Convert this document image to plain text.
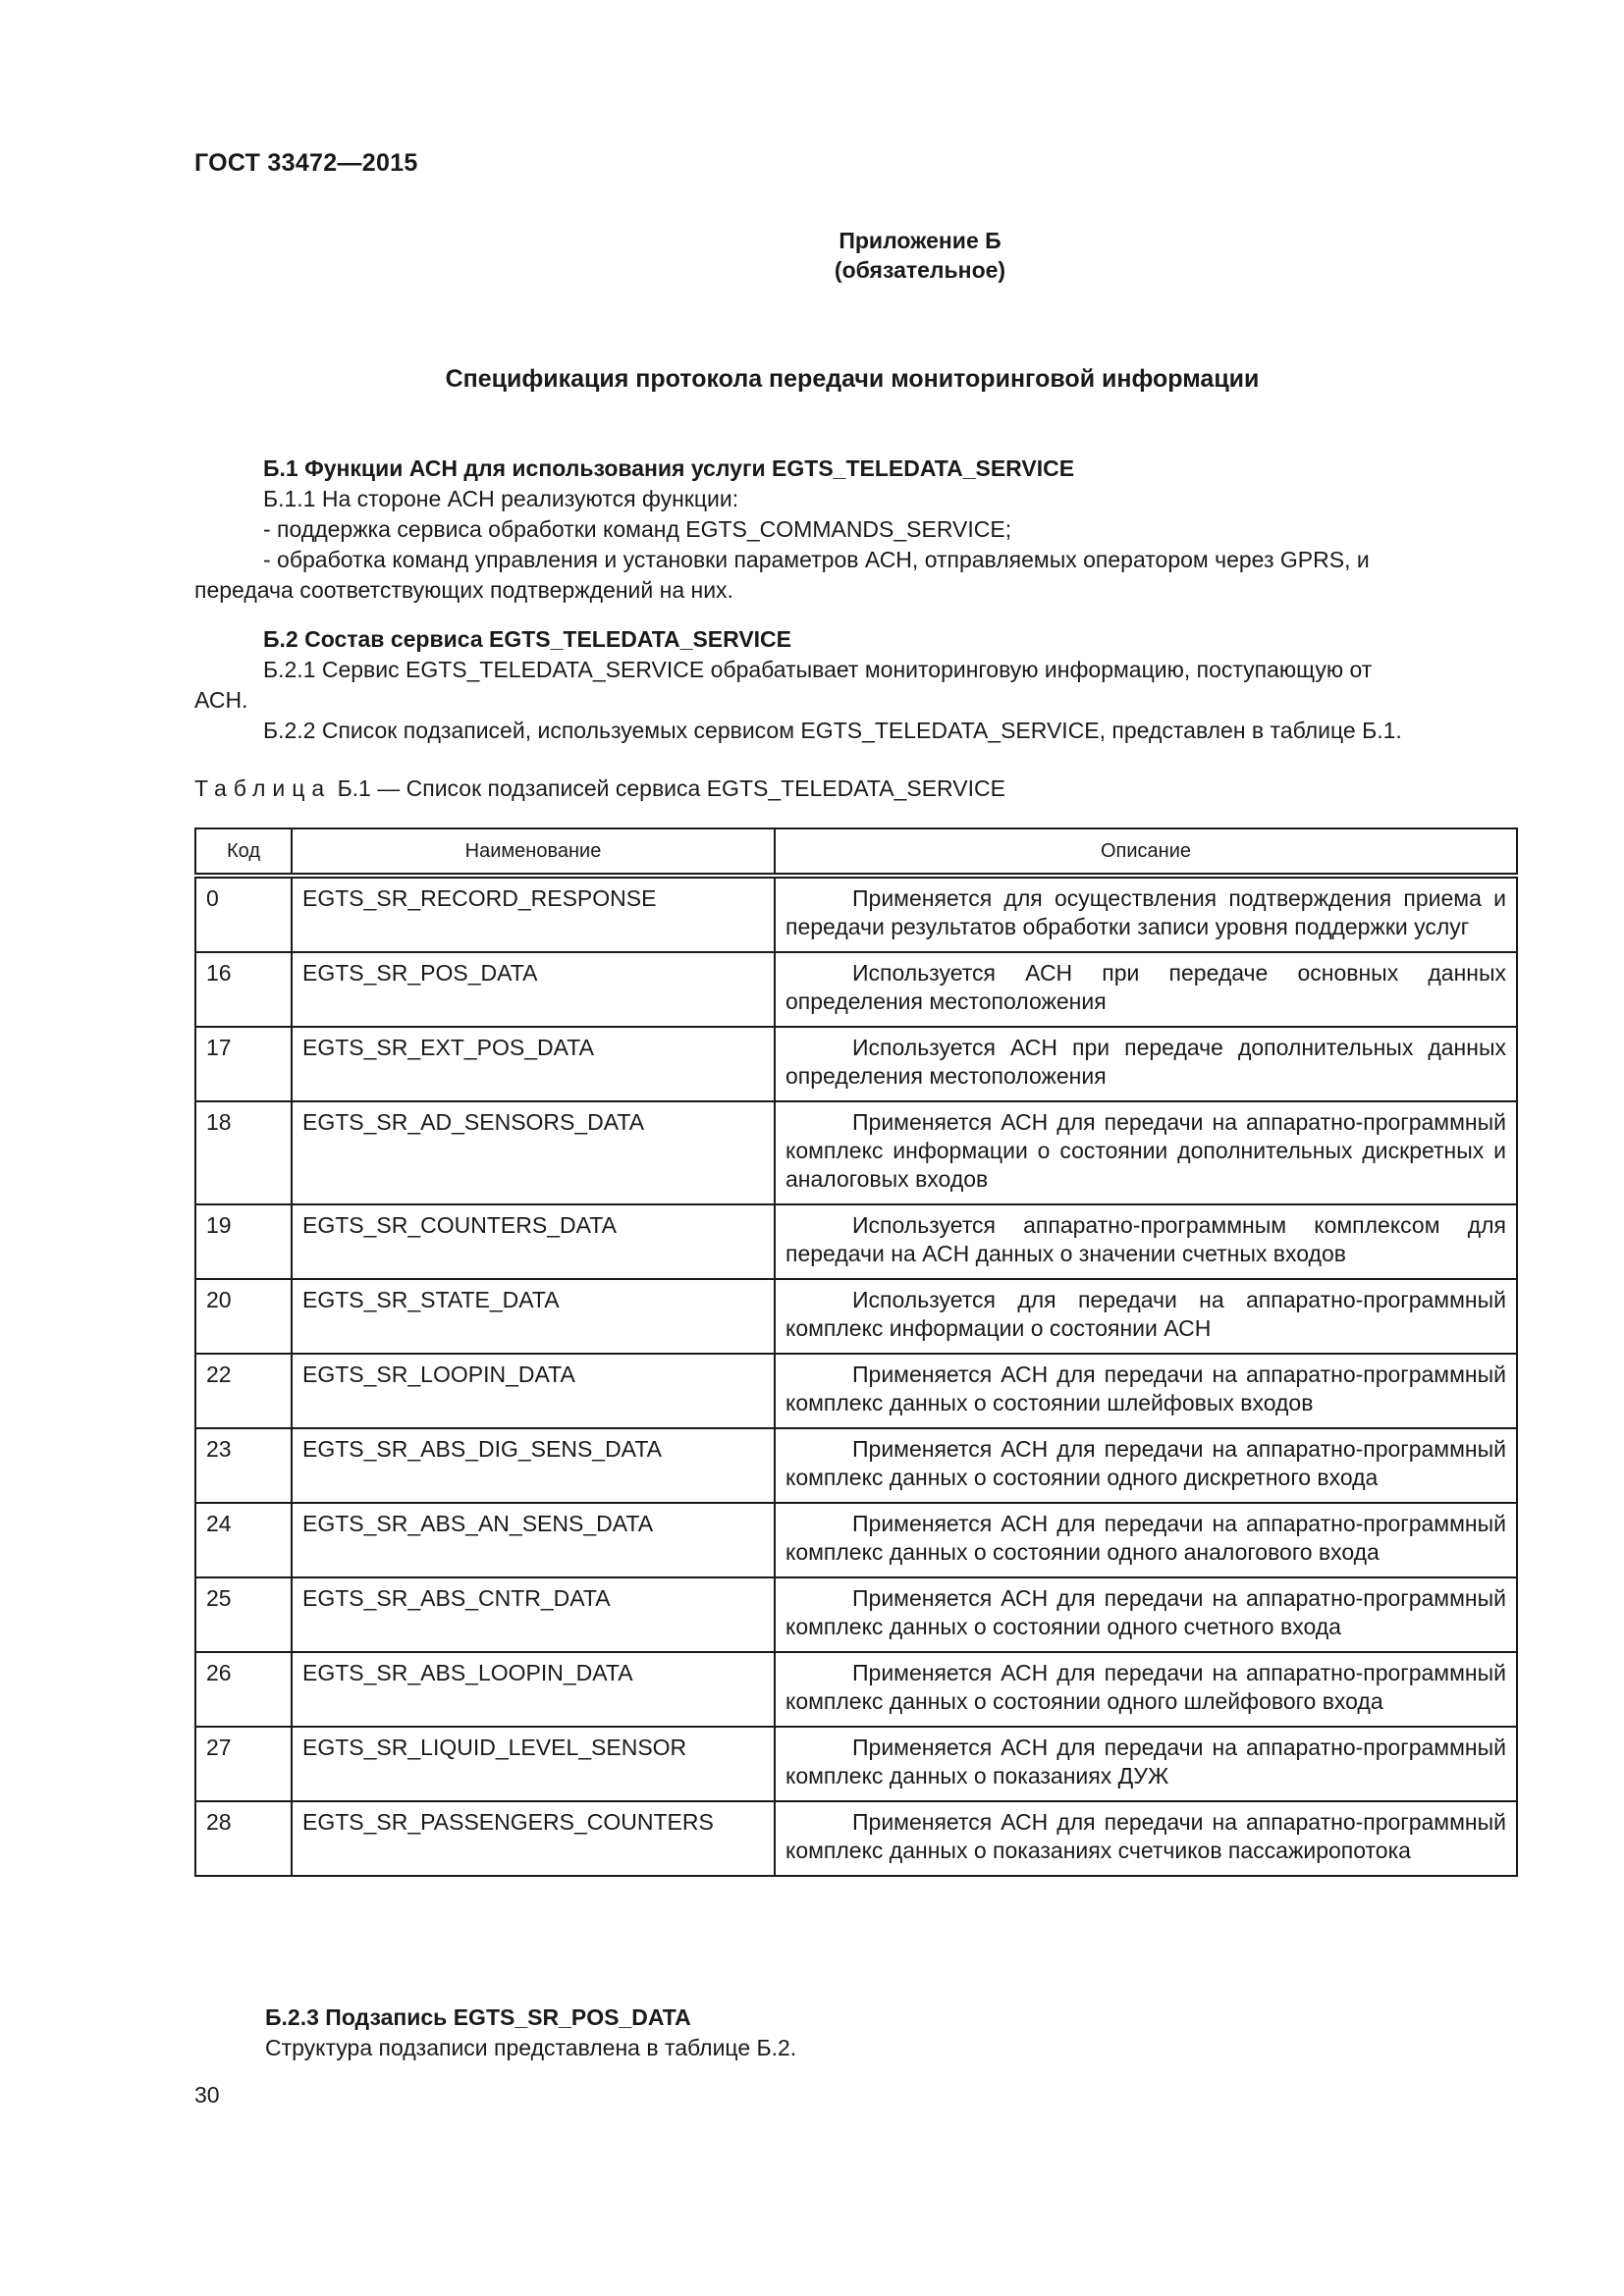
ГОСТ 33472—2015
Приложение Б
(обязательное)
Спецификация протокола передачи мониторинговой информации

Б.1 Функции АСН для использования услуги EGTS_TELEDATA_SERVICE

Б.1.1 На стороне АСН реализуются функции:

- поддержка сервиса обработки команд EGTS_COMMANDS_SERVICE;

- обработка команд управления и установки параметров АСН, отправляемых оператором через GPRS, и

передача соответствующих подтверждений на них.

Б.2 Состав сервиса EGTS_TELEDATA_SERVICE

Б.2.1 Сервис EGTS_TELEDATA_SERVICE обрабатывает мониторинговую информацию, поступающую от

АСН.

Б.2.2 Список подзаписей, используемых сервисом EGTS_TELEDATA_SERVICE, представлен в таблице Б.1.

Таблица Б.1 — Список подзаписей сервиса EGTS_TELEDATA_SERVICE
Код	Наименование	Описание
0	EGTS_SR_RECORD_RESPONSE	Применяется для осуществления подтверждения приема и передачи результатов обработки записи уровня поддержки услуг

16	EGTS_SR_POS_DATA	Используется АСН при передаче основных данных определения местоположения

17	EGTS_SR_EXT_POS_DATA	Используется АСН при передаче дополнительных данных определения местоположения

18	EGTS_SR_AD_SENSORS_DATA	Применяется АСН для передачи на аппаратно-программный комплекс информации о состоянии дополнительных дискретных и аналоговых входов

19	EGTS_SR_COUNTERS_DATA	Используется аппаратно-программным комплексом для передачи на АСН данных о значении счетных входов

20	EGTS_SR_STATE_DATA	Используется для передачи на аппаратно-программный комплекс информации о состоянии АСН

22	EGTS_SR_LOOPIN_DATA	Применяется АСН для передачи на аппаратно-программный комплекс данных о состоянии шлейфовых входов

23	EGTS_SR_ABS_DIG_SENS_DATA	Применяется АСН для передачи на аппаратно-программный комплекс данных о состоянии одного дискретного входа

24	EGTS_SR_ABS_AN_SENS_DATA	Применяется АСН для передачи на аппаратно-программный комплекс данных о состоянии одного аналогового входа

25	EGTS_SR_ABS_CNTR_DATA	Применяется АСН для передачи на аппаратно-программный комплекс данных о состоянии одного счетного входа

26	EGTS_SR_ABS_LOOPIN_DATA	Применяется АСН для передачи на аппаратно-программный комплекс данных о состоянии одного шлейфового входа

27	EGTS_SR_LIQUID_LEVEL_SENSOR	Применяется АСН для передачи на аппаратно-программный комплекс данных о показаниях ДУЖ

28	EGTS_SR_PASSENGERS_COUNTERS	Применяется АСН для передачи на аппаратно-программный комплекс данных о показаниях счетчиков пассажиропотока

Б.2.3 Подзапись EGTS_SR_POS_DATA

Структура подзаписи представлена в таблице Б.2.

30
